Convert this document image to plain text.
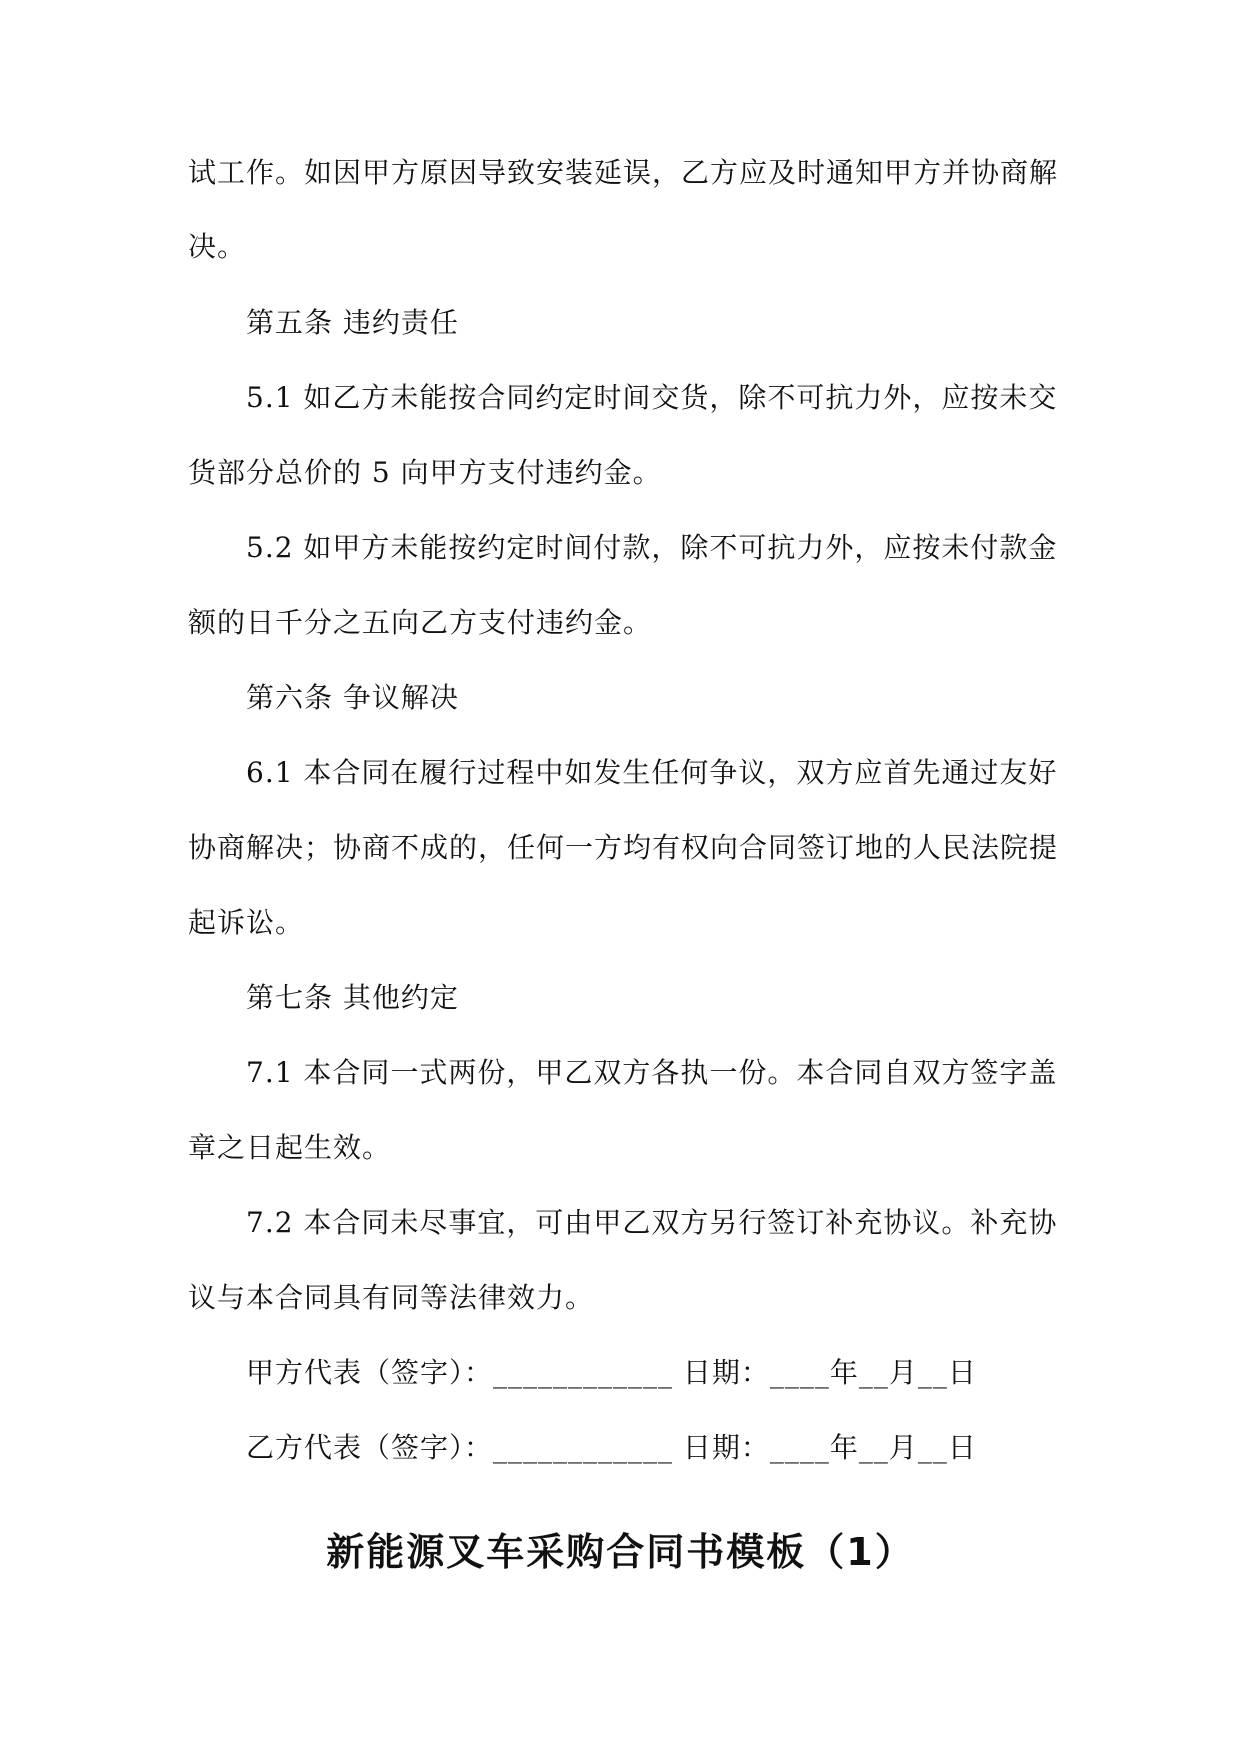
试工作。如因甲方原因导致安装延误，乙方应及时通知甲方并协商解
决。
第五条 违约责任
5.1 如乙方未能按合同约定时间交货，除不可抗力外，应按未交
货部分总价的 5 向甲方支付违约金。
5.2 如甲方未能按约定时间付款，除不可抗力外，应按未付款金
额的日千分之五向乙方支付违约金。
第六条 争议解决
6.1 本合同在履行过程中如发生任何争议，双方应首先通过友好
协商解决；协商不成的，任何一方均有权向合同签订地的人民法院提
起诉讼。
第七条 其他约定
7.1 本合同一式两份，甲乙双方各执一份。本合同自双方签字盖
章之日起生效。
7.2 本合同未尽事宜，可由甲乙双方另行签订补充协议。补充协
议与本合同具有同等法律效力。
甲方代表（签字）：____________ 日期：____年__月__日
乙方代表（签字）：____________ 日期：____年__月__日
新能源叉车采购合同书模板（1）
